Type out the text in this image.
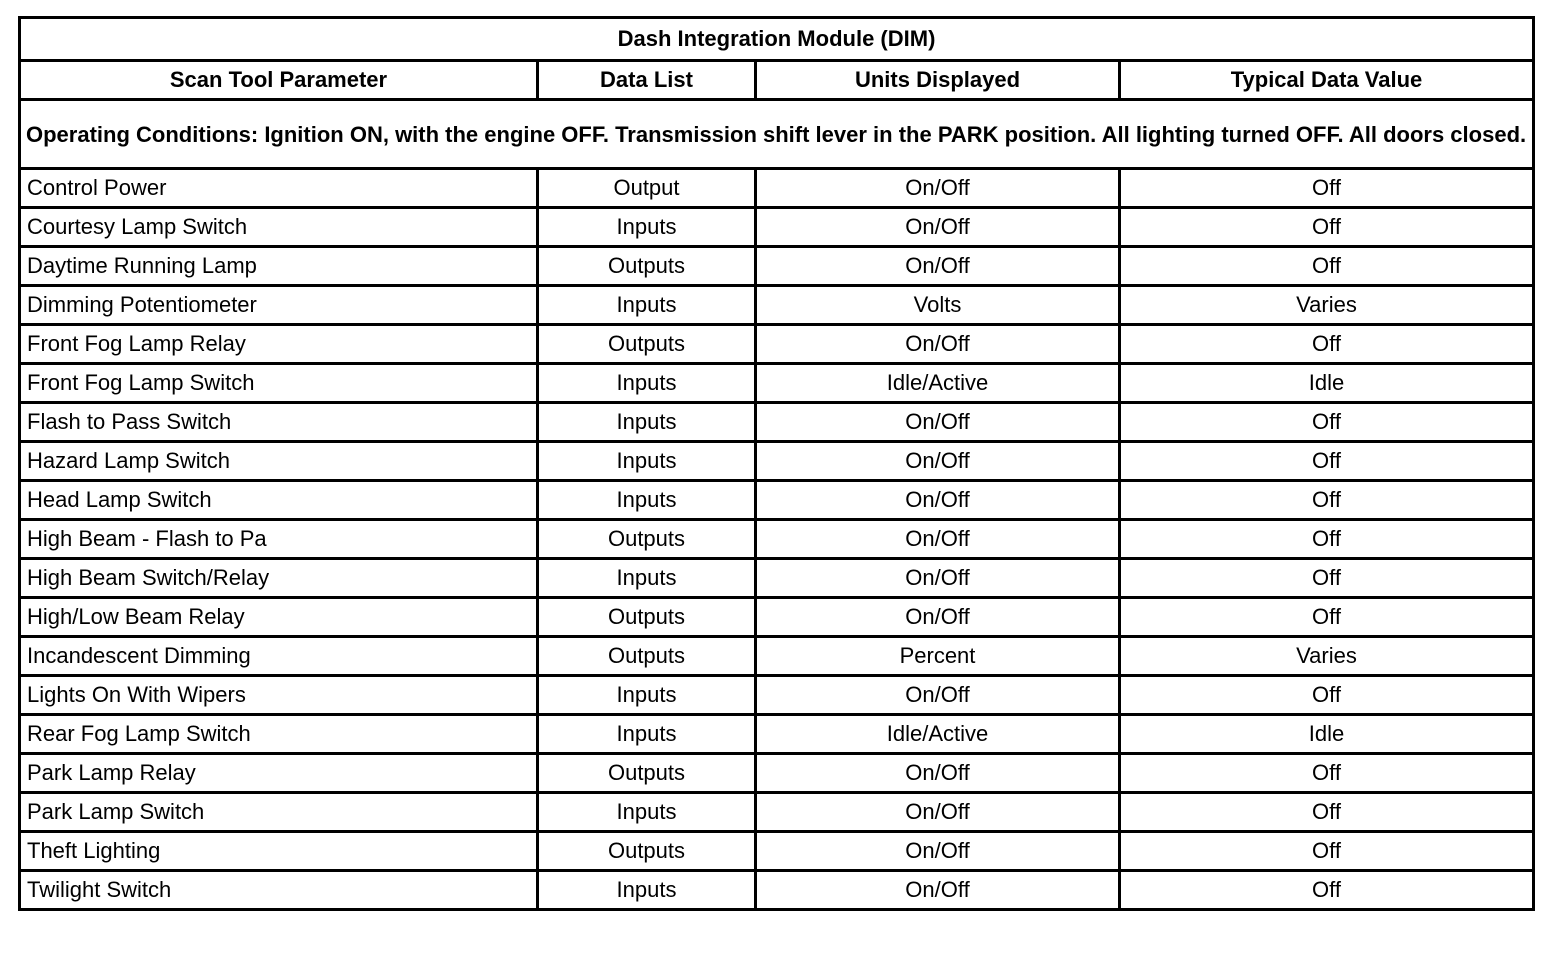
Dash Integration Module (DIM)			
Scan Tool Parameter	Data List	Units Displayed	Typical Data Value
Operating Conditions: Ignition ON, with the engine OFF. Transmission shift lever in the PARK position. All lighting turned OFF. All doors closed.			
Control Power	Output	On/Off	Off
Courtesy Lamp Switch	Inputs	On/Off	Off
Daytime Running Lamp	Outputs	On/Off	Off
Dimming Potentiometer	Inputs	Volts	Varies
Front Fog Lamp Relay	Outputs	On/Off	Off
Front Fog Lamp Switch	Inputs	Idle/Active	Idle
Flash to Pass Switch	Inputs	On/Off	Off
Hazard Lamp Switch	Inputs	On/Off	Off
Head Lamp Switch	Inputs	On/Off	Off
High Beam - Flash to Pa	Outputs	On/Off	Off
High Beam Switch/Relay	Inputs	On/Off	Off
High/Low Beam Relay	Outputs	On/Off	Off
Incandescent Dimming	Outputs	Percent	Varies
Lights On With Wipers	Inputs	On/Off	Off
Rear Fog Lamp Switch	Inputs	Idle/Active	Idle
Park Lamp Relay	Outputs	On/Off	Off
Park Lamp Switch	Inputs	On/Off	Off
Theft Lighting	Outputs	On/Off	Off
Twilight Switch	Inputs	On/Off	Off
